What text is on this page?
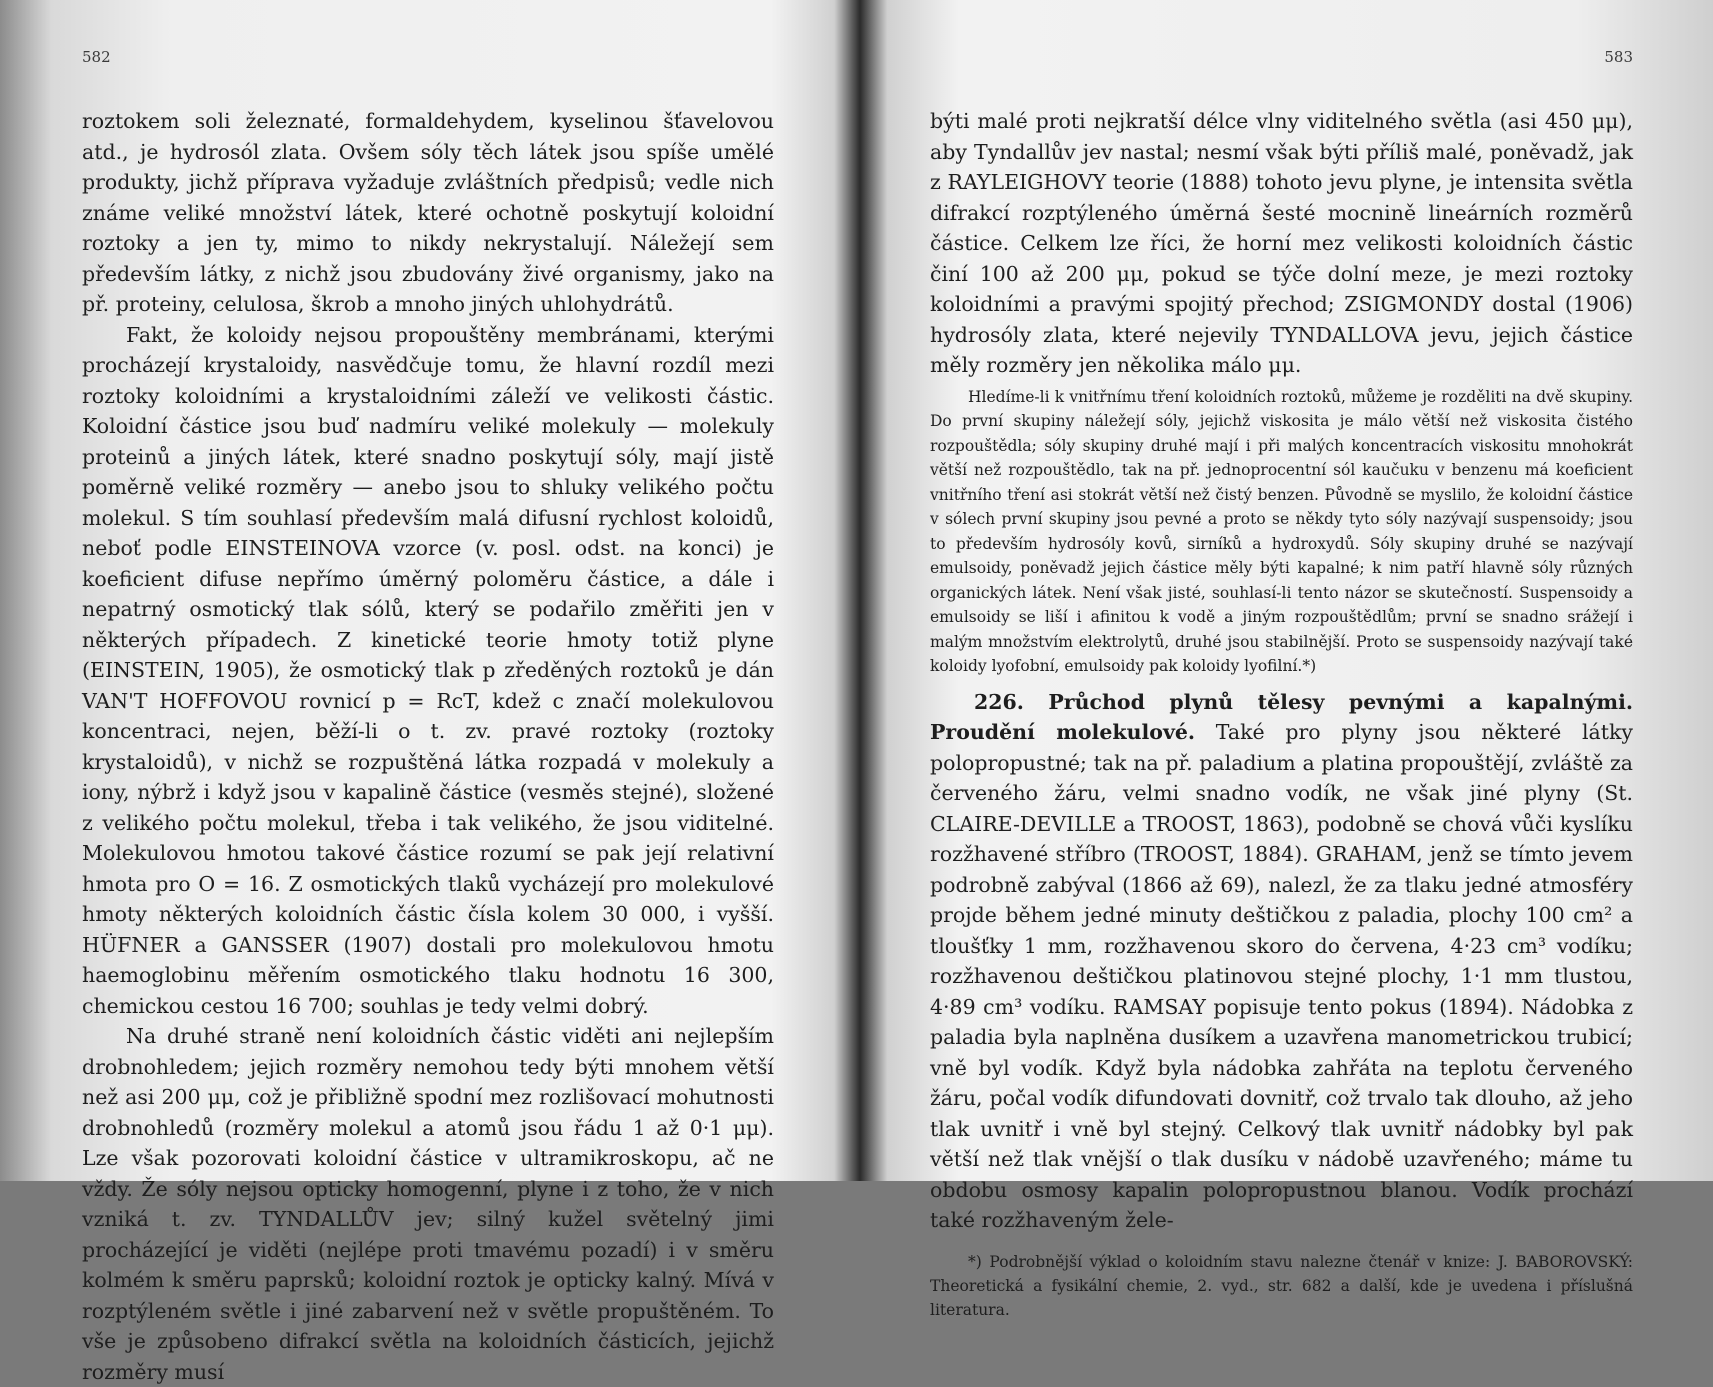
582

roztokem soli železnaté, formaldehydem, kyselinou šťavelovou atd., je hydrosól zlata. Ovšem sóly těch látek jsou spíše umělé produkty, jichž příprava vyžaduje zvláštních předpisů; vedle nich známe veliké množství látek, které ochotně poskytují koloidní roztoky a jen ty, mimo to nikdy nekrystalují. Náležejí sem především látky, z nichž jsou zbudovány živé organismy, jako na př. proteiny, celulosa, škrob a mnoho jiných uhlohydrátů.

Fakt, že koloidy nejsou propouštěny membránami, kterými procházejí krystaloidy, nasvědčuje tomu, že hlavní rozdíl mezi roztoky koloidními a krystaloidními záleží ve velikosti částic. Koloidní částice jsou buď nadmíru veliké molekuly — molekuly proteinů a jiných látek, které snadno poskytují sóly, mají jistě poměrně veliké rozměry — anebo jsou to shluky velikého počtu molekul. S tím souhlasí především malá difusní rychlost koloidů, neboť podle EINSTEINOVA vzorce (v. posl. odst. na konci) je koeficient difuse nepřímo úměrný poloměru částice, a dále i nepatrný osmotický tlak sólů, který se podařilo změřiti jen v některých případech. Z kinetické teorie hmoty totiž plyne (EINSTEIN, 1905), že osmotický tlak p zředěných roztoků je dán VAN'T HOFFOVOU rovnicí p = RcT, kdež c značí molekulovou koncentraci, nejen, běží-li o t. zv. pravé roztoky (roztoky krystaloidů), v nichž se rozpuštěná látka rozpadá v molekuly a iony, nýbrž i když jsou v kapalině částice (vesměs stejné), složené z velikého počtu molekul, třeba i tak velikého, že jsou viditelné. Molekulovou hmotou takové částice rozumí se pak její relativní hmota pro O = 16. Z osmotických tlaků vycházejí pro molekulové hmoty některých koloidních částic čísla kolem 30 000, i vyšší. HÜFNER a GANSSER (1907) dostali pro molekulovou hmotu haemoglobinu měřením osmotického tlaku hodnotu 16 300, chemickou cestou 16 700; souhlas je tedy velmi dobrý.

Na druhé straně není koloidních částic viděti ani nejlepším drobnohledem; jejich rozměry nemohou tedy býti mnohem větší než asi 200 μμ, což je přibližně spodní mez rozlišovací mohutnosti drobnohledů (rozměry molekul a atomů jsou řádu 1 až 0·1 μμ). Lze však pozorovati koloidní částice v ultramikroskopu, ač ne vždy. Že sóly nejsou opticky homogenní, plyne i z toho, že v nich vzniká t. zv. TYNDALLŮV jev; silný kužel světelný jimi procházející je viděti (nejlépe proti tmavému pozadí) i v směru kolmém k směru paprsků; koloidní roztok je opticky kalný. Mívá v rozptýleném světle i jiné zabarvení než v světle propuštěném. To vše je způsobeno difrakcí světla na koloidních částicích, jejichž rozměry musí

583

býti malé proti nejkratší délce vlny viditelného světla (asi 450 μμ), aby Tyndallův jev nastal; nesmí však býti příliš malé, poněvadž, jak z RAYLEIGHOVY teorie (1888) tohoto jevu plyne, je intensita světla difrakcí rozptýleného úměrná šesté mocnině lineárních rozměrů částice. Celkem lze říci, že horní mez velikosti koloidních částic činí 100 až 200 μμ, pokud se týče dolní meze, je mezi roztoky koloidními a pravými spojitý přechod; ZSIGMONDY dostal (1906) hydrosóly zlata, které nejevily TYNDALLOVA jevu, jejich částice měly rozměry jen několika málo μμ.

Hledíme-li k vnitřnímu tření koloidních roztoků, můžeme je rozděliti na dvě skupiny. Do první skupiny náležejí sóly, jejichž viskosita je málo větší než viskosita čistého rozpouštědla; sóly skupiny druhé mají i při malých koncentracích viskositu mnohokrát větší než rozpouštědlo, tak na př. jednoprocentní sól kaučuku v benzenu má koeficient vnitřního tření asi stokrát větší než čistý benzen. Původně se myslilo, že koloidní částice v sólech první skupiny jsou pevné a proto se někdy tyto sóly nazývají suspensoidy; jsou to především hydrosóly kovů, sirníků a hydroxydů. Sóly skupiny druhé se nazývají emulsoidy, poněvadž jejich částice měly býti kapalné; k nim patří hlavně sóly různých organických látek. Není však jisté, souhlasí-li tento názor se skutečností. Suspensoidy a emulsoidy se liší i afinitou k vodě a jiným rozpouštědlům; první se snadno srážejí i malým množstvím elektrolytů, druhé jsou stabilnější. Proto se suspensoidy nazývají také koloidy lyofobní, emulsoidy pak koloidy lyofilní.*)

226. Průchod plynů tělesy pevnými a kapalnými. Proudění molekulové. Také pro plyny jsou některé látky polopropustné; tak na př. paladium a platina propouštějí, zvláště za červeného žáru, velmi snadno vodík, ne však jiné plyny (St. CLAIRE-DEVILLE a TROOST, 1863), podobně se chová vůči kyslíku rozžhavené stříbro (TROOST, 1884). GRAHAM, jenž se tímto jevem podrobně zabýval (1866 až 69), nalezl, že za tlaku jedné atmosféry projde během jedné minuty deštičkou z paladia, plochy 100 cm² a tloušťky 1 mm, rozžhavenou skoro do červena, 4·23 cm³ vodíku; rozžhavenou deštičkou platinovou stejné plochy, 1·1 mm tlustou, 4·89 cm³ vodíku. RAMSAY popisuje tento pokus (1894). Nádobka z paladia byla naplněna dusíkem a uzavřena manometrickou trubicí; vně byl vodík. Když byla nádobka zahřáta na teplotu červeného žáru, počal vodík difundovati dovnitř, což trvalo tak dlouho, až jeho tlak uvnitř i vně byl stejný. Celkový tlak uvnitř nádobky byl pak větší než tlak vnější o tlak dusíku v nádobě uzavřeného; máme tu obdobu osmosy kapalin polopropustnou blanou. Vodík prochází také rozžhaveným žele-

*) Podrobnější výklad o koloidním stavu nalezne čtenář v knize: J. BABOROVSKÝ: Theoretická a fysikální chemie, 2. vyd., str. 682 a další, kde je uvedena i příslušná literatura.
